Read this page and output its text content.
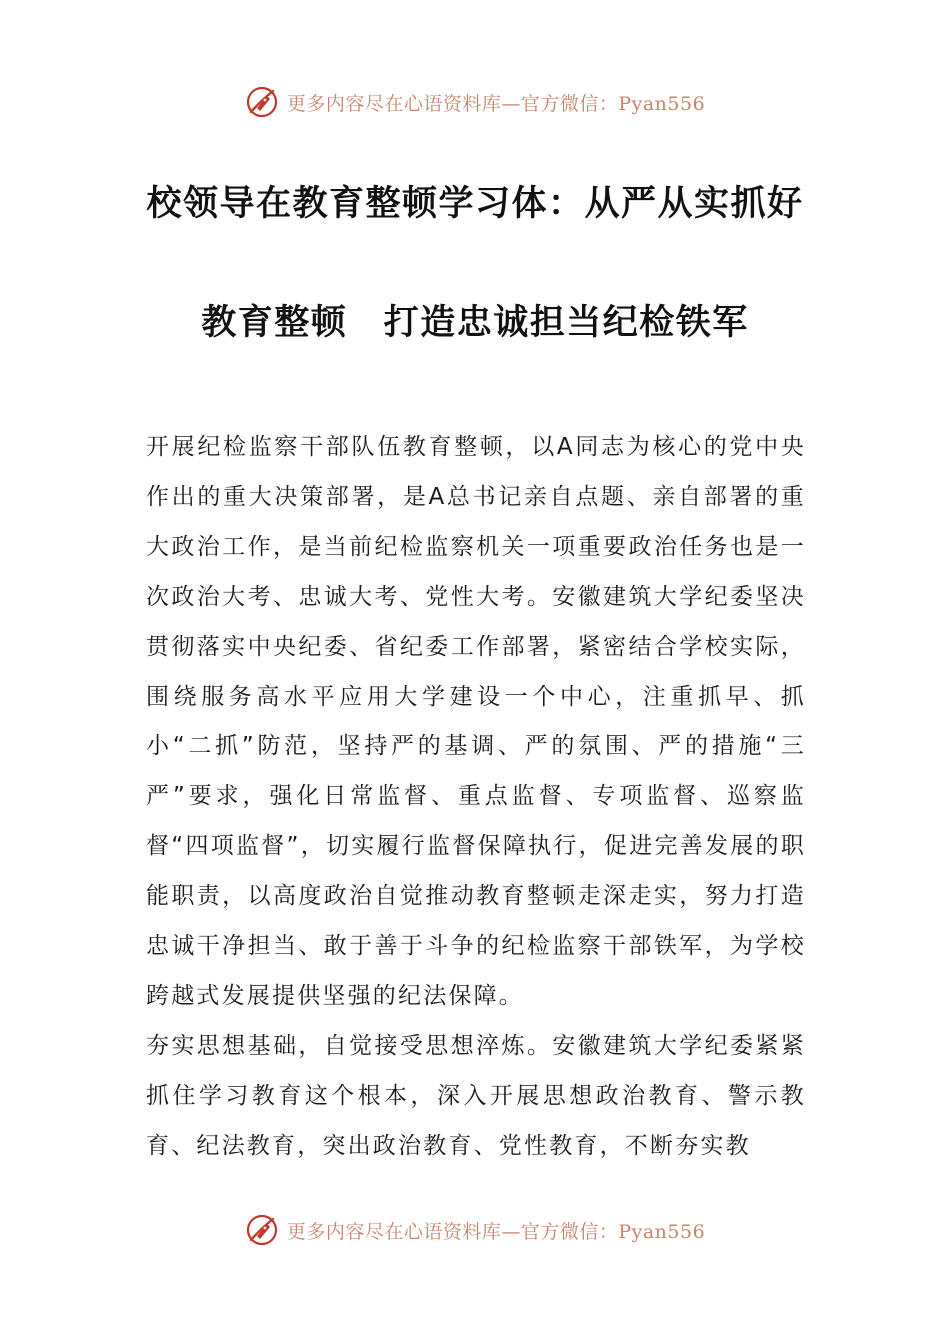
更多内容尽在心语资料库—官方微信：Pyan556
校领导在教育整顿学习体：从严从实抓好
教育整顿　打造忠诚担当纪检铁军

开展纪检监察干部队伍教育整顿，以A同志为核心的党中央作出的重大决策部署，是A总书记亲自点题、亲自部署的重大政治工作，是当前纪检监察机关一项重要政治任务也是一次政治大考、忠诚大考、党性大考。安徽建筑大学纪委坚决贯彻落实中央纪委、省纪委工作部署，紧密结合学校实际，围绕服务高水平应用大学建设一个中心，注重抓早、抓小“二抓”防范，坚持严的基调、严的氛围、严的措施“三严”要求，强化日常监督、重点监督、专项监督、巡察监督“四项监督”，切实履行监督保障执行，促进完善发展的职能职责，以高度政治自觉推动教育整顿走深走实，努力打造忠诚干净担当、敢于善于斗争的纪检监察干部铁军，为学校跨越式发展提供坚强的纪法保障。

夯实思想基础，自觉接受思想淬炼。安徽建筑大学纪委紧紧抓住学习教育这个根本，深入开展思想政治教育、警示教育、纪法教育，突出政治教育、党性教育，不断夯实教

更多内容尽在心语资料库—官方微信：Pyan556
